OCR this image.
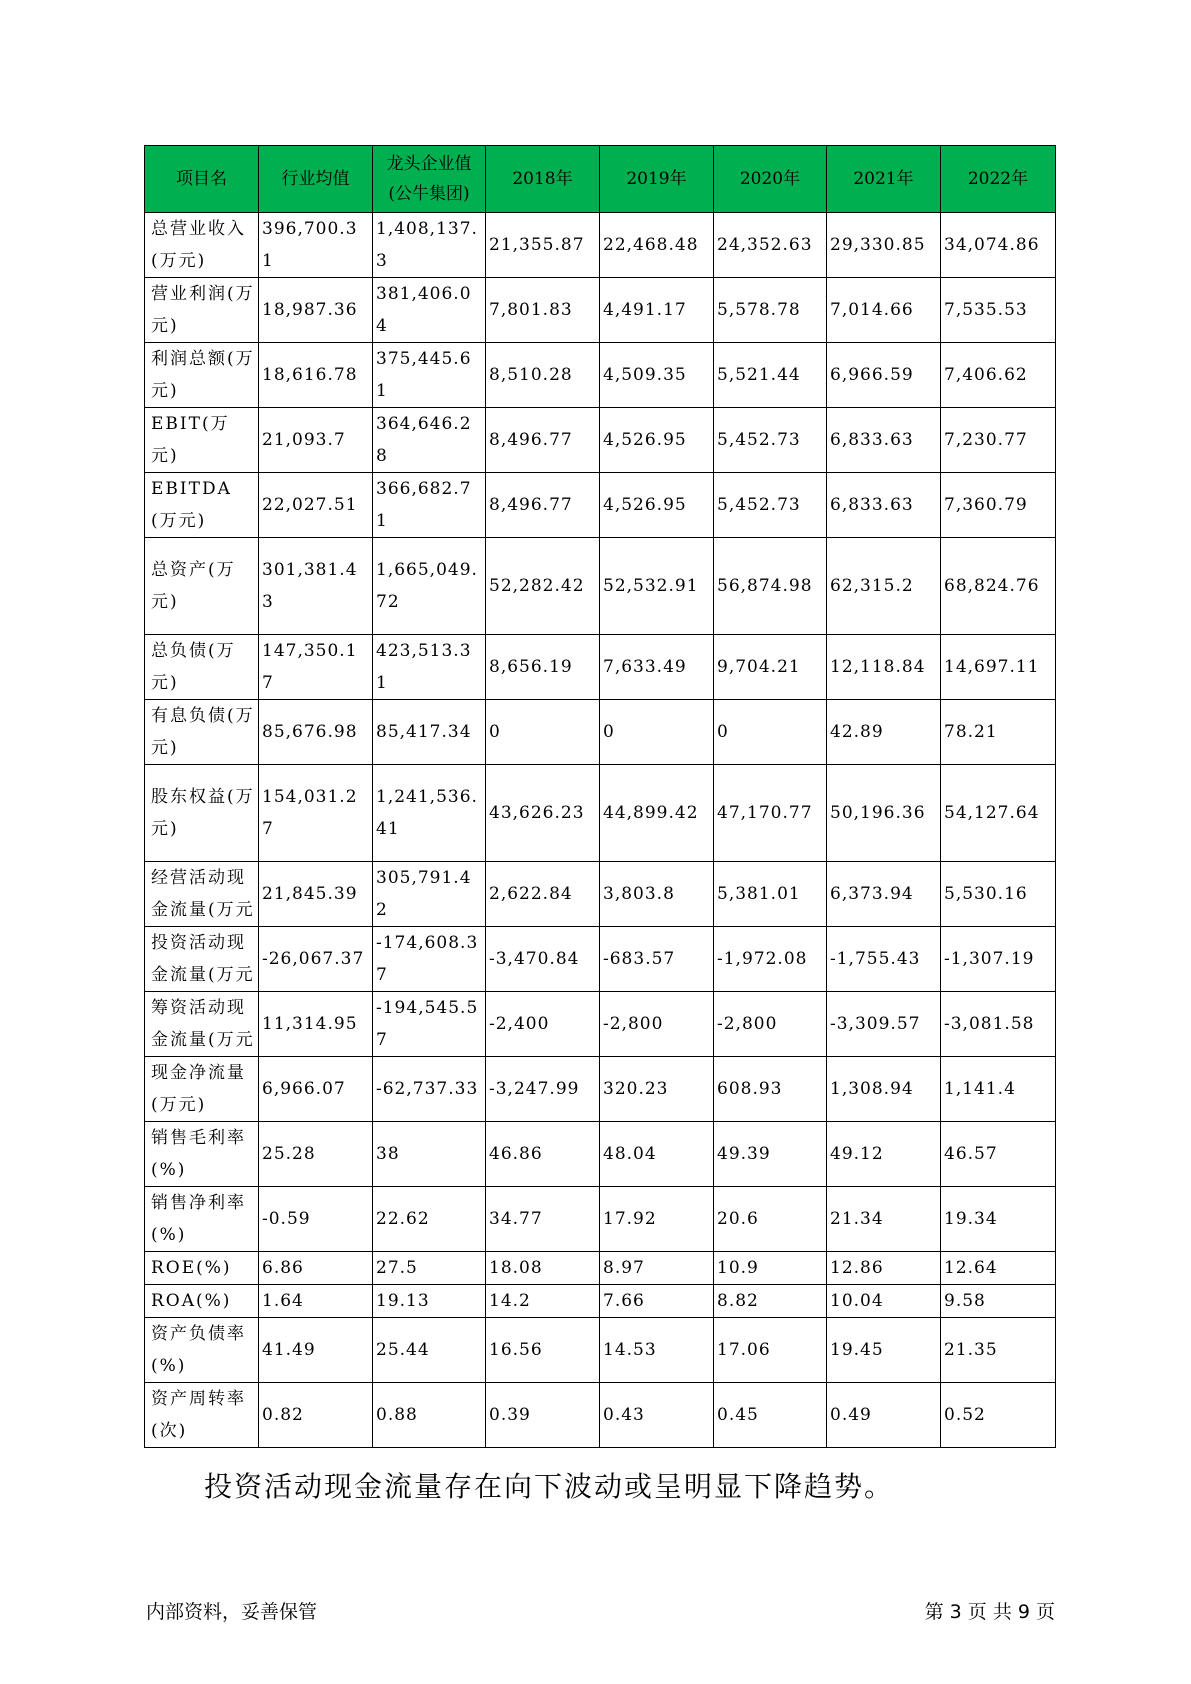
项目名	行业均值	龙头企业值(公牛集团)	2018年	2019年	2020年	2021年	2022年
总营业收入(万元)	396,700.31	1,408,137.3	21,355.87	22,468.48	24,352.63	29,330.85	34,074.86
营业利润(万元)	18,987.36	381,406.04	7,801.83	4,491.17	5,578.78	7,014.66	7,535.53
利润总额(万元)	18,616.78	375,445.61	8,510.28	4,509.35	5,521.44	6,966.59	7,406.62
EBIT(万元)	21,093.7	364,646.28	8,496.77	4,526.95	5,452.73	6,833.63	7,230.77
EBITDA(万元)	22,027.51	366,682.71	8,496.77	4,526.95	5,452.73	6,833.63	7,360.79
总资产(万元)	301,381.43	1,665,049.72	52,282.42	52,532.91	56,874.98	62,315.2	68,824.76
总负债(万元)	147,350.17	423,513.31	8,656.19	7,633.49	9,704.21	12,118.84	14,697.11
有息负债(万元)	85,676.98	85,417.34	0	0	0	42.89	78.21
股东权益(万元)	154,031.27	1,241,536.41	43,626.23	44,899.42	47,170.77	50,196.36	54,127.64
经营活动现金流量(万元	21,845.39	305,791.42	2,622.84	3,803.8	5,381.01	6,373.94	5,530.16
投资活动现金流量(万元	-26,067.37	-174,608.37	-3,470.84	-683.57	-1,972.08	-1,755.43	-1,307.19
筹资活动现金流量(万元	11,314.95	-194,545.57	-2,400	-2,800	-2,800	-3,309.57	-3,081.58
现金净流量(万元)	6,966.07	-62,737.33	-3,247.99	320.23	608.93	1,308.94	1,141.4
销售毛利率(%)	25.28	38	46.86	48.04	49.39	49.12	46.57
销售净利率(%)	-0.59	22.62	34.77	17.92	20.6	21.34	19.34
ROE(%)	6.86	27.5	18.08	8.97	10.9	12.86	12.64
ROA(%)	1.64	19.13	14.2	7.66	8.82	10.04	9.58
资产负债率(%)	41.49	25.44	16.56	14.53	17.06	19.45	21.35
资产周转率(次)	0.82	0.88	0.39	0.43	0.45	0.49	0.52

投资活动现金流量存在向下波动或呈明显下降趋势。

内部资料，妥善保管	第 3 页 共 9 页
